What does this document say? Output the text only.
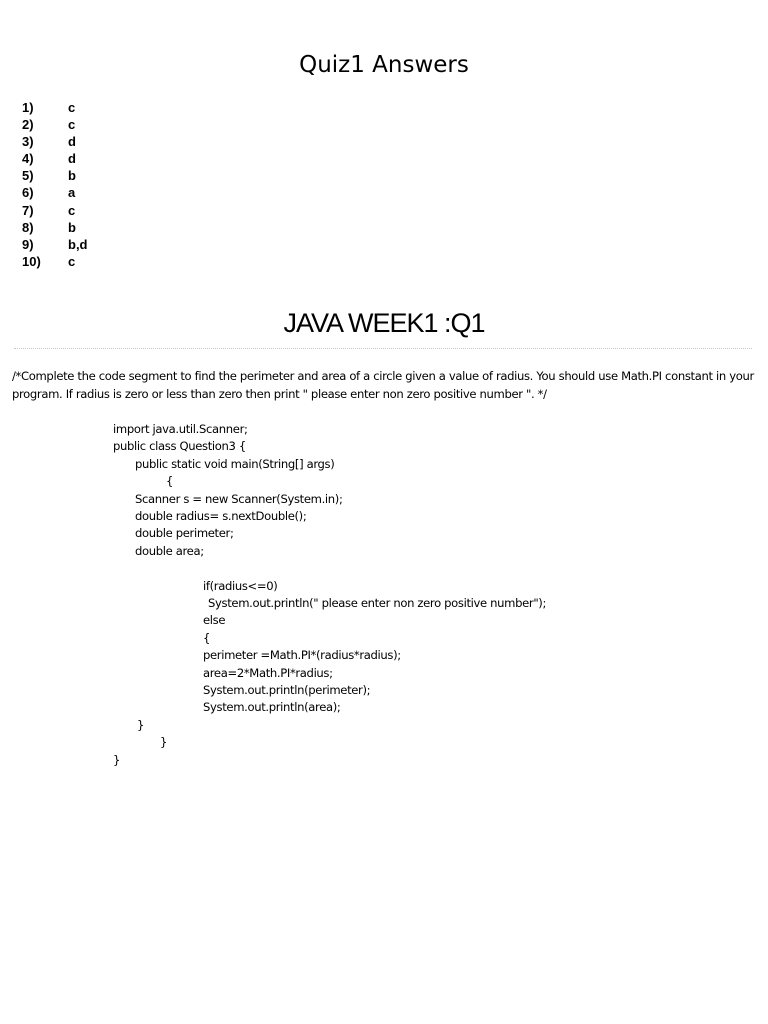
Quiz1 Answers
1)	c
2)	c
3)	d
4)	d
5)	b
6)	a
7)	c
8)	b
9)	b,d
10) c
JAVA WEEK1 :Q1
/*Complete the code segment to find the perimeter and area of a circle given a value of radius. You should use Math.PI constant in your program. If radius is zero or less than zero then print " please enter non zero positive number ". */
import java.util.Scanner;
public class Question3 {
public static void main(String[] args)
{
Scanner s = new Scanner(System.in);
double radius= s.nextDouble();
double perimeter;
double area;
if(radius<=0)
System.out.println(" please enter non zero positive number");
else
{
perimeter =Math.PI*(radius*radius);
area=2*Math.PI*radius;
System.out.println(perimeter);
System.out.println(area);
}
}
}
